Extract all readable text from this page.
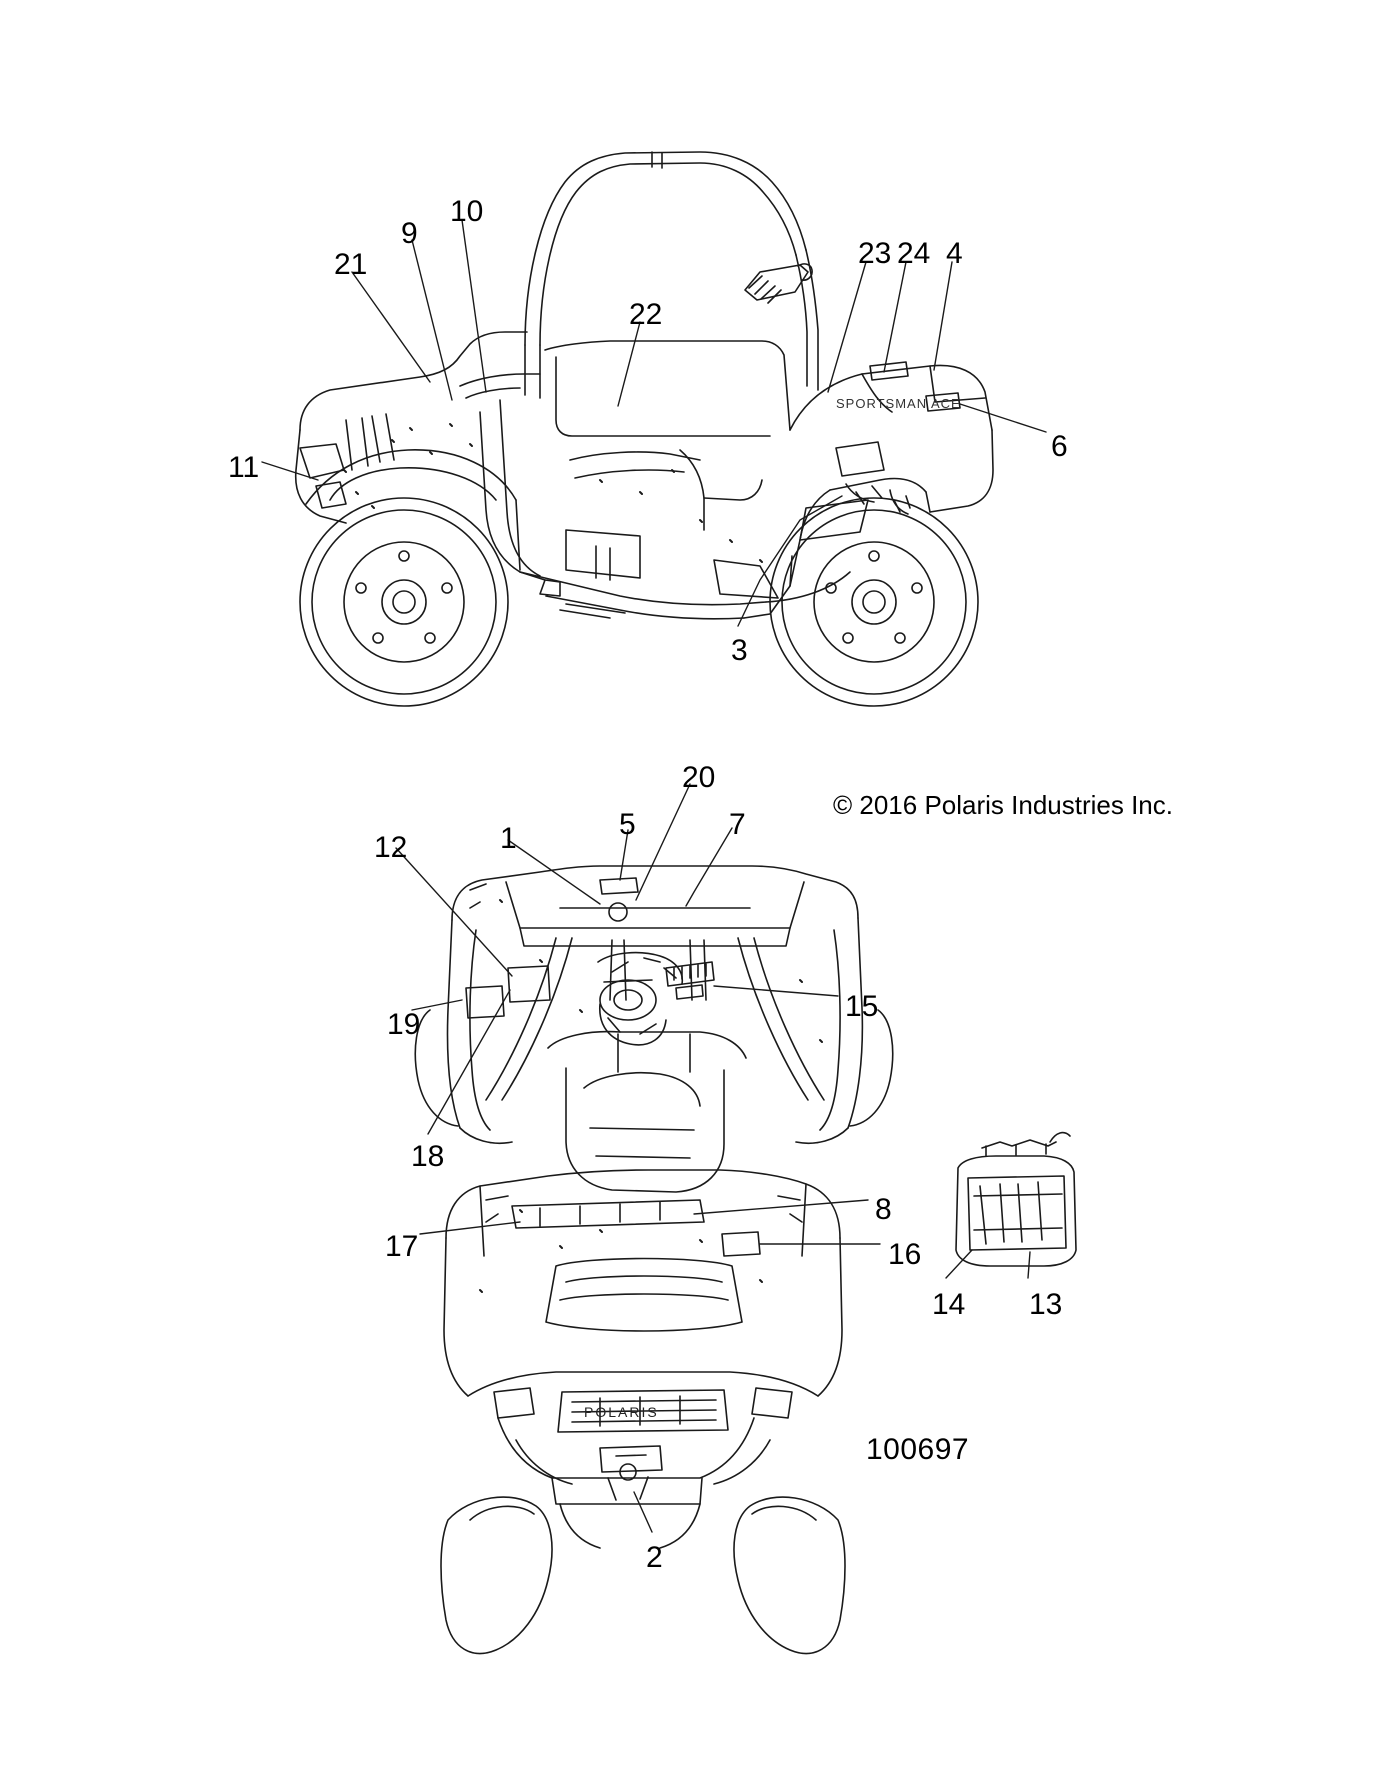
SPORTSMAN ACE
POLARIS
21
9
10
22
23 24 4
6
11
3
20
5	7
1
12
19
15
18
8
17	16
14 13
2
© 2016 Polaris Industries Inc.
100697
